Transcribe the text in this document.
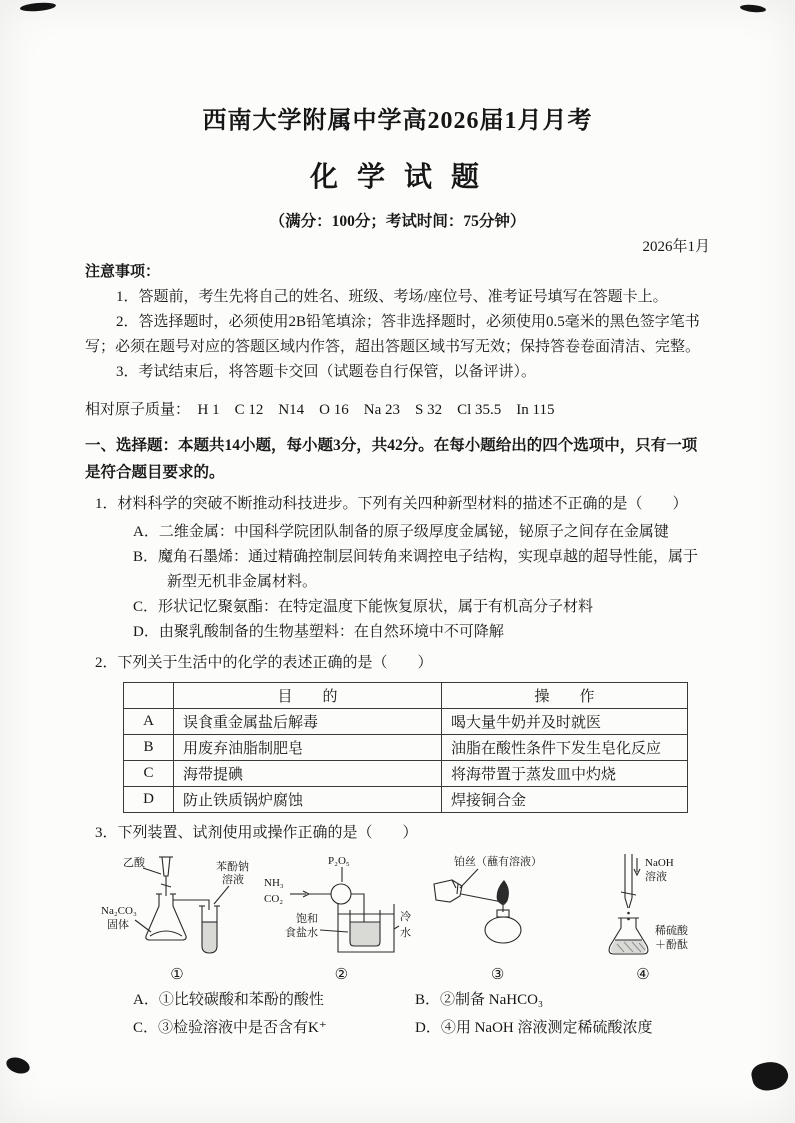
西南大学附属中学高2026届1月月考
化 学 试 题

（满分：100分；考试时间：75分钟）

2026年1月

注意事项：

1．答题前，考生先将自己的姓名、班级、考场/座位号、准考证号填写在答题卡上。

2．答选择题时，必须使用2B铅笔填涂；答非选择题时，必须使用0.5毫米的黑色签字笔书写；必须在题号对应的答题区域内作答，超出答题区域书写无效；保持答卷卷面清洁、完整。

3．考试结束后，将答题卡交回（试题卷自行保管，以备评讲）。

相对原子质量：  H 1    C 12    N14    O 16    Na 23    S 32    Cl 35.5    In 115

一、选择题：本题共14小题，每小题3分，共42分。在每小题给出的四个选项中，只有一项是符合题目要求的。

1．材料科学的突破不断推动科技进步。下列有关四种新型材料的描述不正确的是（　　）

A．二维金属：中国科学院团队制备的原子级厚度金属铋，铋原子之间存在金属键

B．魔角石墨烯：通过精确控制层间转角来调控电子结构，实现卓越的超导性能，属于新型无机非金属材料。

C．形状记忆聚氨酯：在特定温度下能恢复原状，属于有机高分子材料

D．由聚乳酸制备的生物基塑料：在自然环境中不可降解

2．下列关于生活中的化学的表述正确的是（　　）

	目　　的	操　　作
A	误食重金属盐后解毒	喝大量牛奶并及时就医
B	用废弃油脂制肥皂	油脂在酸性条件下发生皂化反应
C	海带提碘	将海带置于蒸发皿中灼烧
D	防止铁质锅炉腐蚀	焊接铜合金

3．下列装置、试剂使用或操作正确的是（　　）

乙酸	苯酚钠
溶液
Na₂CO₃
固体
①
NH₃
CO₂
P₂O₅
饱和
食盐水
冷
水
②
铂丝（蘸有溶液）
③
NaOH
溶液
稀硫酸
＋酚酞
④
A．①比较碳酸和苯酚的酸性	B．②制备 NaHCO₃
C．③检验溶液中是否含有K⁺	D．④用 NaOH 溶液测定稀硫酸浓度
